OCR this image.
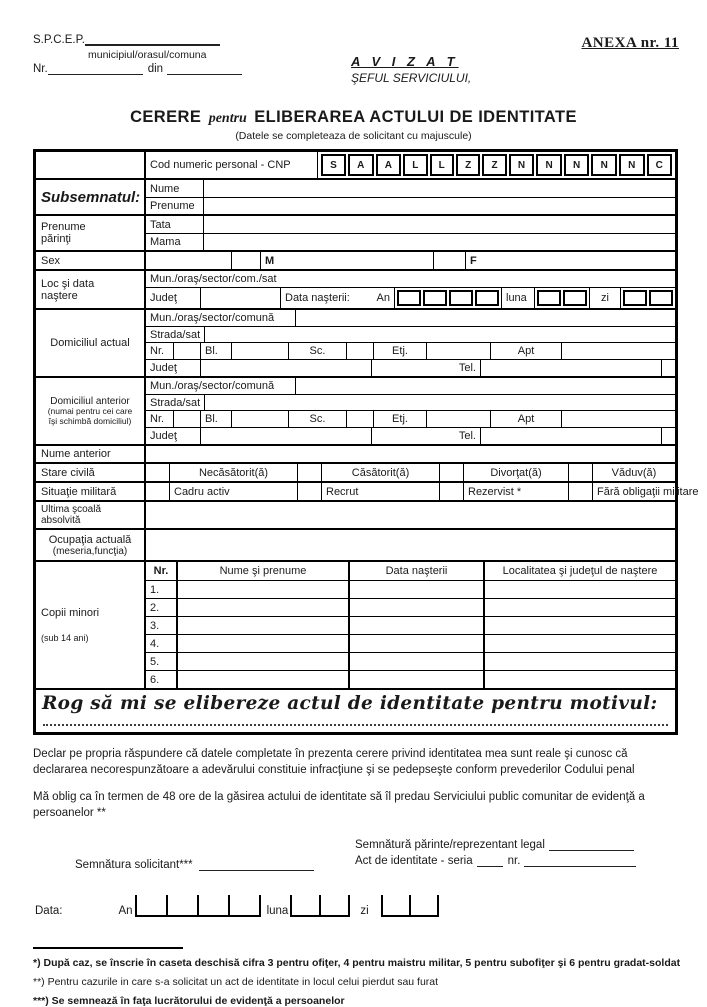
S.P.C.E.P.
municipiul/orasul/comuna
Nr.	din	A V I Z A T
ŞEFUL SERVICIULUI,
ANEXA nr. 11
CERERE pentru ELIBERAREA ACTULUI DE IDENTITATE
(Datele se completeaza de solicitant cu majuscule)
Cod numeric personal - CNP	S	A	A	L	L	Z	Z	N	N	N	N	N	C
Subsemnatul: Nume
Prenume
Prenume
părinţi
Tata
Mama
Sex	M	F
Loc şi data
naştere
Mun./oraş/sector/com./sat
Judeţ	Data naşterii: An	luna	zi
Domiciliul actual
Mun./oraş/sector/comună
Strada/sat
Nr.	Bl.	Sc.	Etj.	Apt
Judeţ	Tel.
Domiciliul anterior
(numai pentru cei care
îşi schimbă domiciliul)
Mun./oraş/sector/comună
Strada/sat
Nr.	Bl.	Sc.	Etj.	Apt
Judeţ	Tel.
Nume anterior
Stare civilă	Necăsătorit(ă)	Căsătorit(ă)	Divorţat(ă)	Văduv(ă)
Situaţie militară	Cadru activ	Recrut	Rezervist *	Fără obligaţii militare
Ultima şcoală absolvită
Ocupaţia actuală
(meseria,funcţia)
Copii minori
(sub 14 ani)
Nr.	Nume şi prenume	Data naşterii	Localitatea şi judeţul de naştere
1.
2.
3.
4.
5.
6.
Rog să mi se elibereze actul de identitate pentru motivul:

Declar pe propria răspundere că datele completate în prezenta cerere privind identitatea mea sunt reale şi cunosc că declararea necorespunzătoare a adevărului constituie infracţiune şi se pedepseşte conform prevederilor Codului penal

Mă oblig ca în termen de 48 ore de la găsirea actului de identitate să îl predau Serviciului public comunitar de evidenţă a persoanelor **

Semnătura solicitant***
Semnătură părinte/reprezentant legal
Act de identitate - seria	nr.
Data:	An	luna	zi
*) După caz, se înscrie în caseta deschisă cifra 3 pentru ofiţer, 4 pentru maistru militar, 5 pentru subofiţer şi 6 pentru gradat-soldat
**) Pentru cazurile in care s-a solicitat un act de identitate in locul celui pierdut sau furat
***) Se semnează în faţa lucrătorului de evidenţă a persoanelor
